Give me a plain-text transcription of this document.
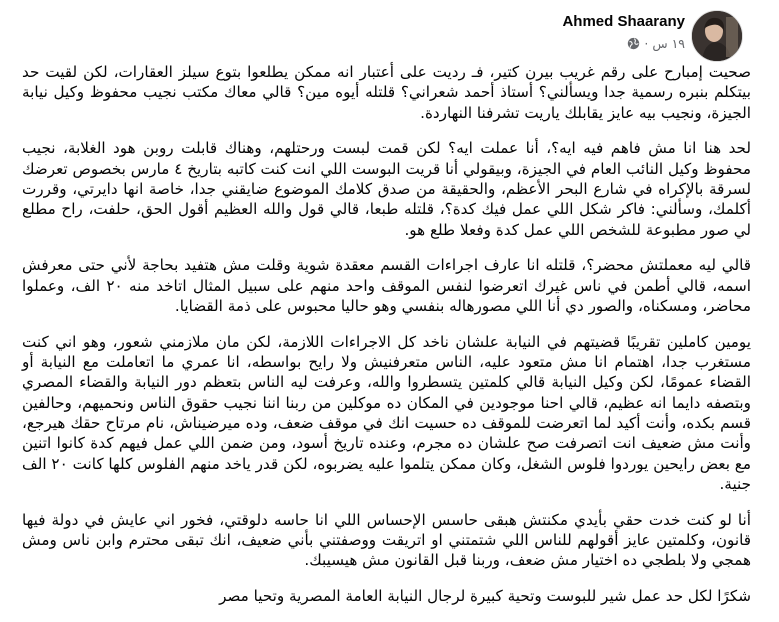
Ahmed Shaarany
١٩ س
·

صحيت إمبارح على رقم غريب بيرن كتير، فـ رديت على أعتبار انه ممكن يطلعوا بتوع سيلز العقارات، لكن لقيت حد بيتكلم بنبره رسمية جدا ويسألني؟ أستاذ أحمد شعراني؟ قلتله أيوه مين؟ قالي معاك مكتب نجيب محفوظ وكيل نيابة الجيزة، ونجيب بيه عايز يقابلك ياريت تشرفنا النهاردة.

لحد هنا انا مش فاهم فيه ايه؟، أنا عملت ايه؟ لكن قمت لبست ورحتلهم، وهناك قابلت روبن هود الغلابة، نجيب محفوظ وكيل النائب العام في الجيزة، وبيقولي أنا قريت البوست اللي انت كنت كاتبه بتاريخ ٤ مارس بخصوص تعرضك لسرقة بالإكراه في شارع البحر الأعظم، والحقيقة من صدق كلامك الموضوع ضايقني جدا، خاصة انها دايرتي، وقررت أكلمك، وسألني: فاكر شكل اللي عمل فيك كدة؟، قلتله طبعا، قالي قول والله العظيم أقول الحق، حلفت، راح مطلع لي صور مطبوعة للشخص اللي عمل كدة وفعلا طلع هو.

قالي ليه معملتش محضر؟، قلتله انا عارف اجراءات القسم معقدة شوية وقلت مش هتفيد بحاجة لأني حتى معرفش اسمه، قالي أطمن في ناس غيرك اتعرضوا لنفس الموقف واحد منهم على سبيل المثال اتاخد منه ٢٠ الف، وعملوا محاضر، ومسكناه، والصور دي أنا اللي مصورهاله بنفسي وهو حاليا محبوس على ذمة القضايا.

يومين كاملين تقريبًا قضيتهم في النيابة علشان ناخد كل الاجراءات اللازمة، لكن مان ملازمني شعور، وهو اني كنت مستغرب جدا، اهتمام انا مش متعود عليه، الناس متعرفنيش ولا رايح بواسطه، انا عمري ما اتعاملت مع النيابة أو القضاء عمومًا، لكن وكيل النيابة قالي كلمتين يتسطروا والله، وعرفت ليه الناس بتعظم دور النيابة والقضاء المصري وبتصفه دايما انه عظيم، قالي احنا موجودين في المكان ده موكلين من ربنا اننا نجيب حقوق الناس ونحميهم، وحالفين قسم بكده، وأنت أكيد لما اتعرضت للموقف ده حسيت انك في موقف ضعف، وده ميرضيناش، نام مرتاح حقك هيرجع، وأنت مش ضعيف انت اتصرفت صح علشان ده مجرم، وعنده تاريخ أسود، ومن ضمن اللي عمل فيهم كدة كانوا اتنين مع بعض رايحين يوردوا فلوس الشغل، وكان ممكن يتلموا عليه يضربوه، لكن قدر ياخد منهم الفلوس كلها كانت ٢٠ الف جنية.

أنا لو كنت خدت حقي بأيدي مكنتش هبقى حاسس الإحساس اللي انا حاسه دلوقتي، فخور اني عايش في دولة فيها قانون، وكلمتين عايز أقولهم للناس اللي شتمتني او اتريقت ووصفتني بأني ضعيف، انك تبقى محترم وابن ناس ومش همجي ولا بلطجي ده اختيار مش ضعف، وربنا قبل القانون مش هيسيبك.

شكرًا لكل حد عمل شير للبوست وتحية كبيرة لرجال النيابة العامة المصرية وتحيا مصر
